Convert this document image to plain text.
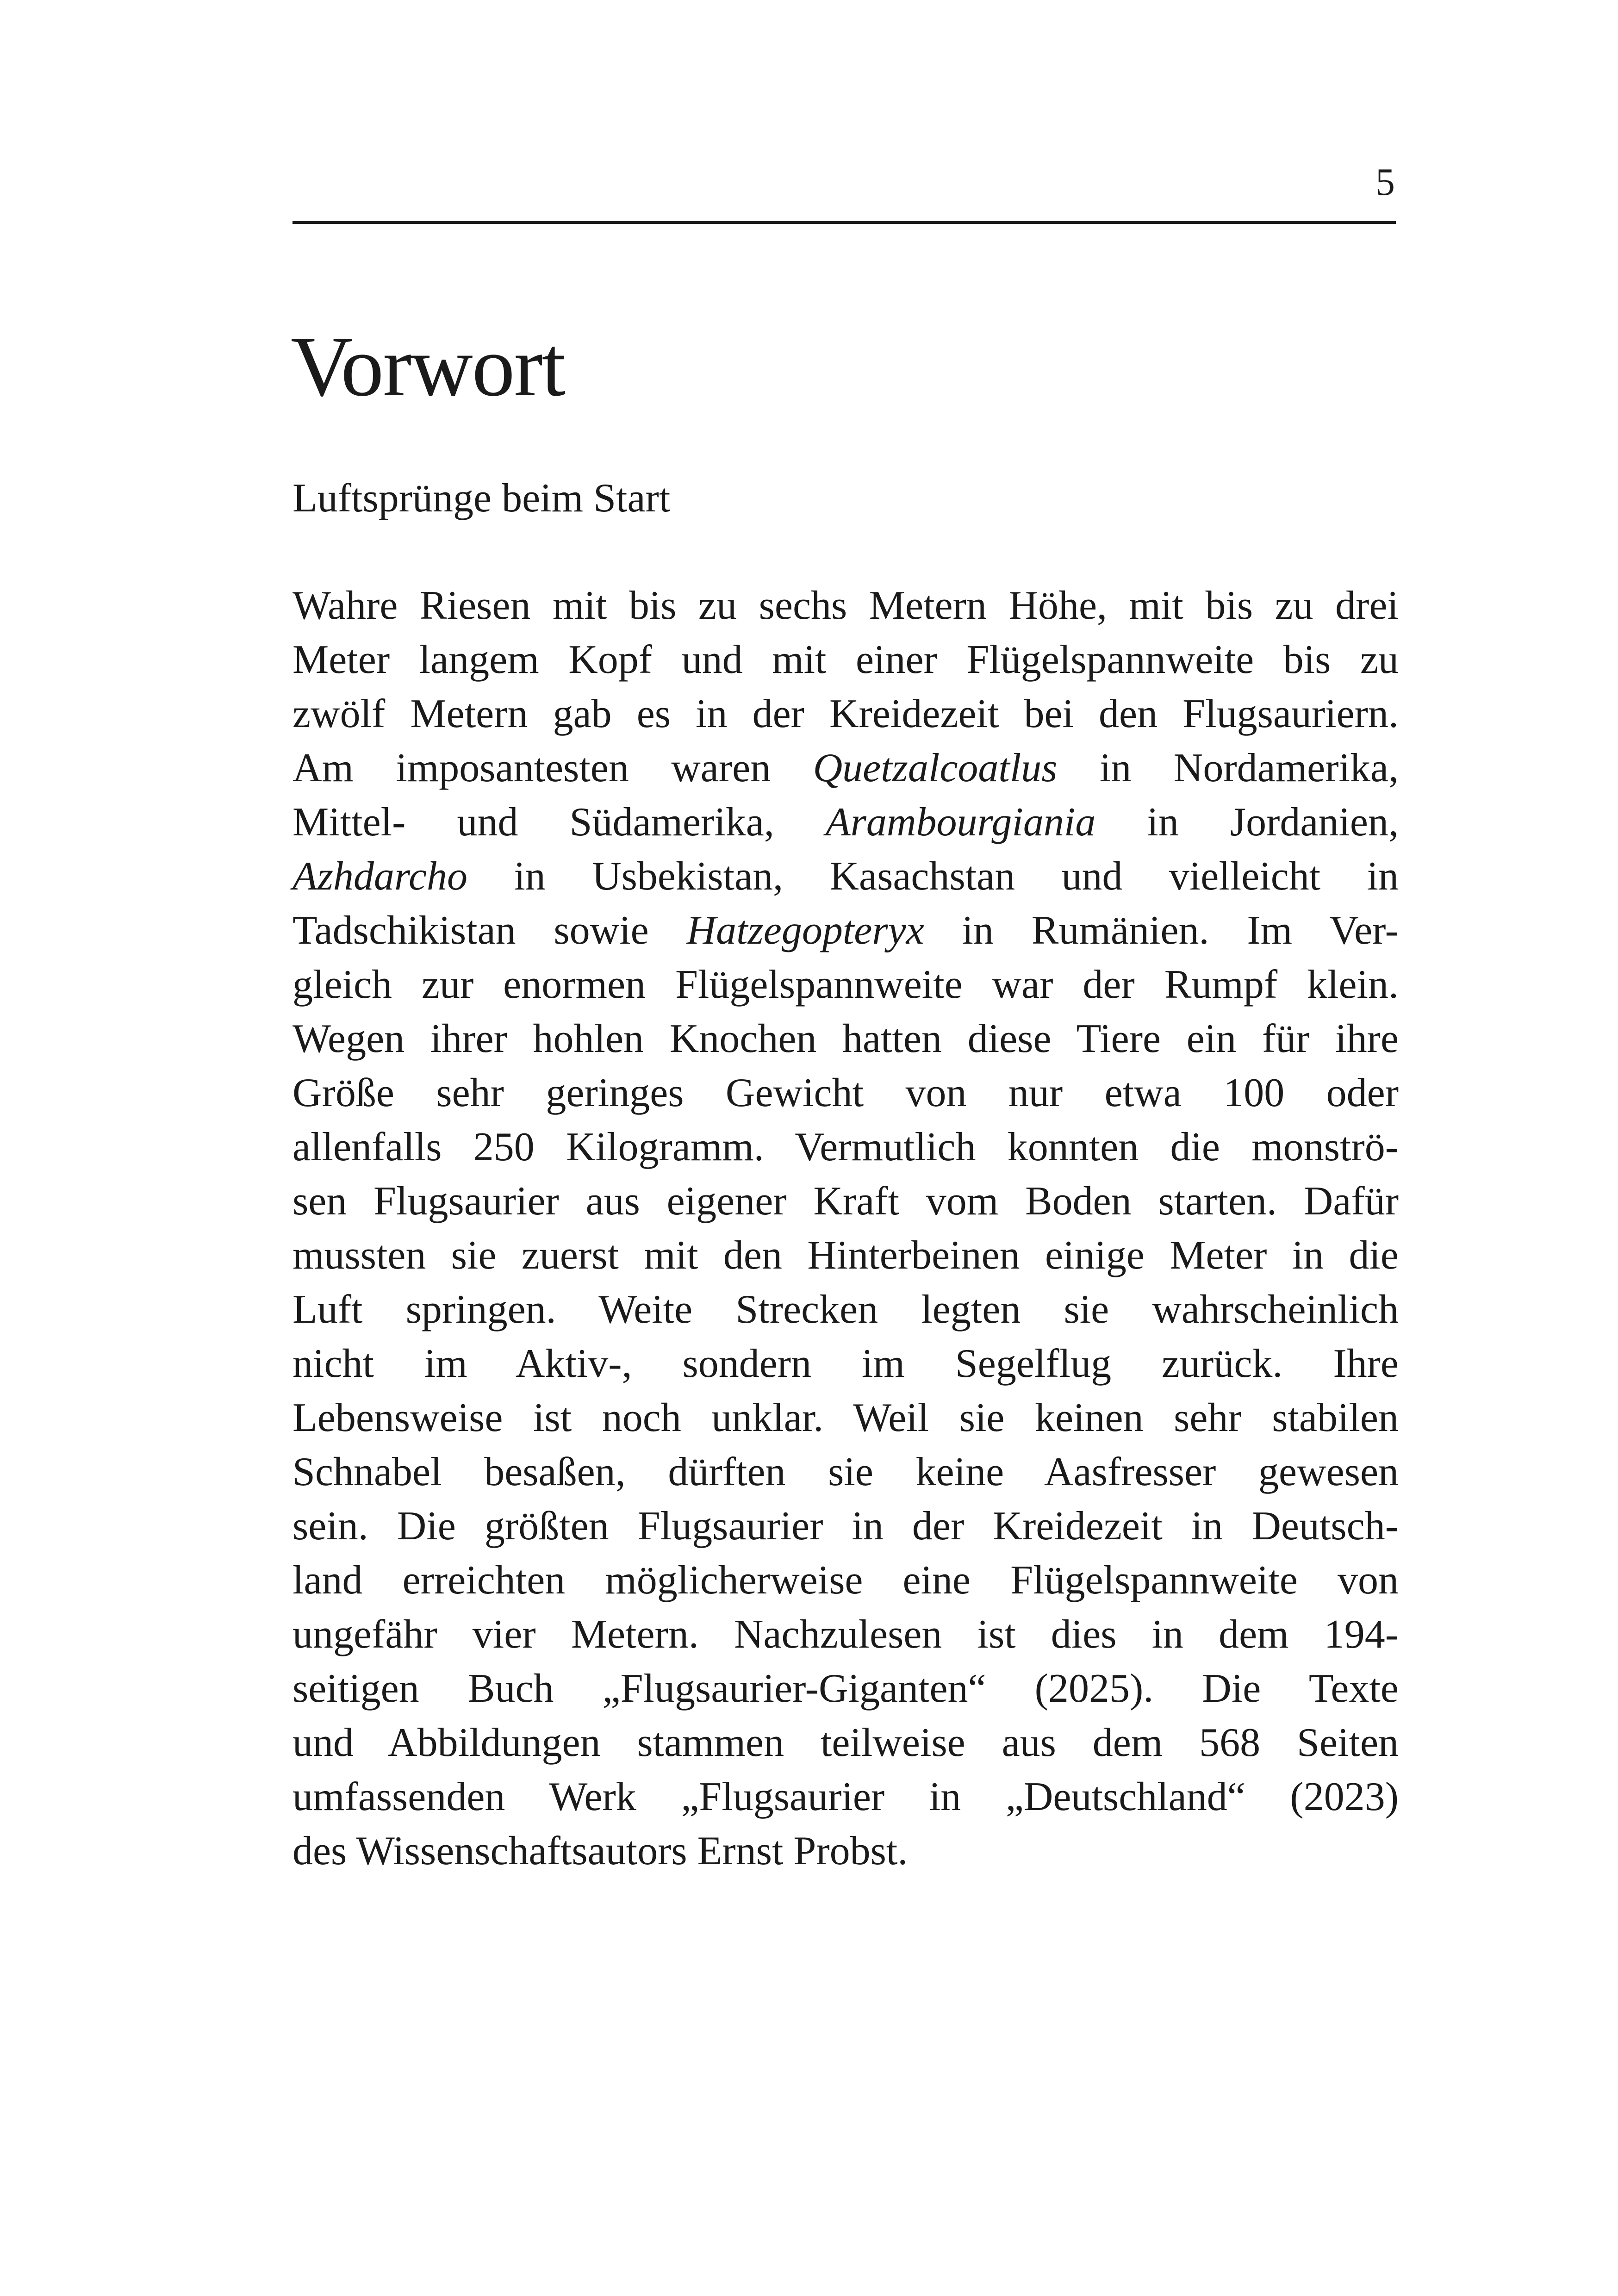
5
Vorwort

Luftsprünge beim Start

Wahre Riesen mit bis zu sechs Metern Höhe, mit bis zu drei
Meter langem Kopf und mit einer Flügelspannweite bis zu
zwölf Metern gab es in der Kreidezeit bei den Flugsauriern.
Am imposantesten waren Quetzalcoatlus in Nordamerika,
Mittel- und Südamerika, Arambourgiania in Jordanien,
Azhdarcho in Usbekistan, Kasachstan und vielleicht in
Tadschikistan sowie Hatzegopteryx in Rumänien. Im Ver-
gleich zur enormen Flügelspannweite war der Rumpf klein.
Wegen ihrer hohlen Knochen hatten diese Tiere ein für ihre
Größe sehr geringes Gewicht von nur etwa 100 oder
allenfalls 250 Kilogramm. Vermutlich konnten die monströ-
sen Flugsaurier aus eigener Kraft vom Boden starten. Dafür
mussten sie zuerst mit den Hinterbeinen einige Meter in die
Luft springen. Weite Strecken legten sie wahrscheinlich
nicht im Aktiv-, sondern im Segelflug zurück. Ihre
Lebensweise ist noch unklar. Weil sie keinen sehr stabilen
Schnabel besaßen, dürften sie keine Aasfresser gewesen
sein. Die größten Flugsaurier in der Kreidezeit in Deutsch-
land erreichten möglicherweise eine Flügelspannweite von
ungefähr vier Metern. Nachzulesen ist dies in dem 194-
seitigen Buch „Flugsaurier-Giganten“ (2025). Die Texte
und Abbildungen stammen teilweise aus dem 568 Seiten
umfassenden Werk „Flugsaurier in „Deutschland“ (2023)
des Wissenschaftsautors Ernst Probst.
